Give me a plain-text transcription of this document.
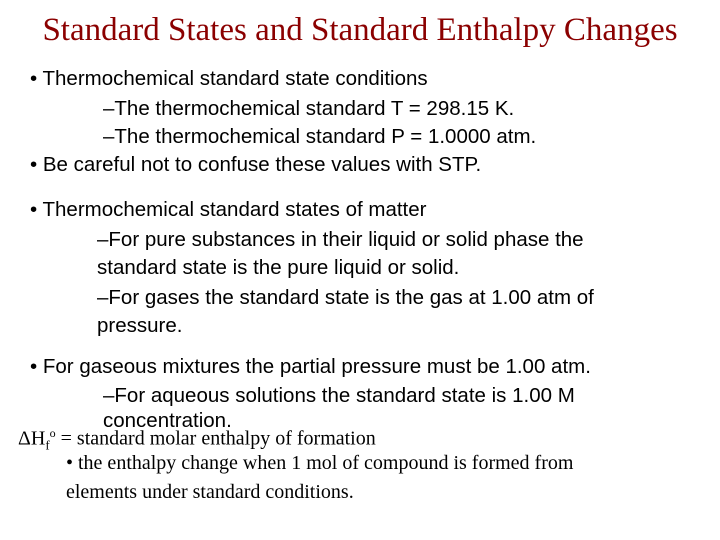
Standard States and Standard Enthalpy Changes
• Thermochemical standard state conditions
–The thermochemical standard T = 298.15 K.
–The thermochemical standard P = 1.0000 atm.
• Be careful not to confuse these values with STP.
• Thermochemical standard states of matter
–For pure substances in their liquid or solid phase the
standard state is the pure liquid or solid.
–For gases the standard state is the gas at 1.00 atm of
pressure.
• For gaseous mixtures the partial pressure must be 1.00 atm.
–For aqueous solutions the standard state is 1.00 M
concentration.
$\Delta H_f^o$ = standard molar enthalpy of formation
• the enthalpy change when 1 mol of compound is formed from
elements under standard conditions.
